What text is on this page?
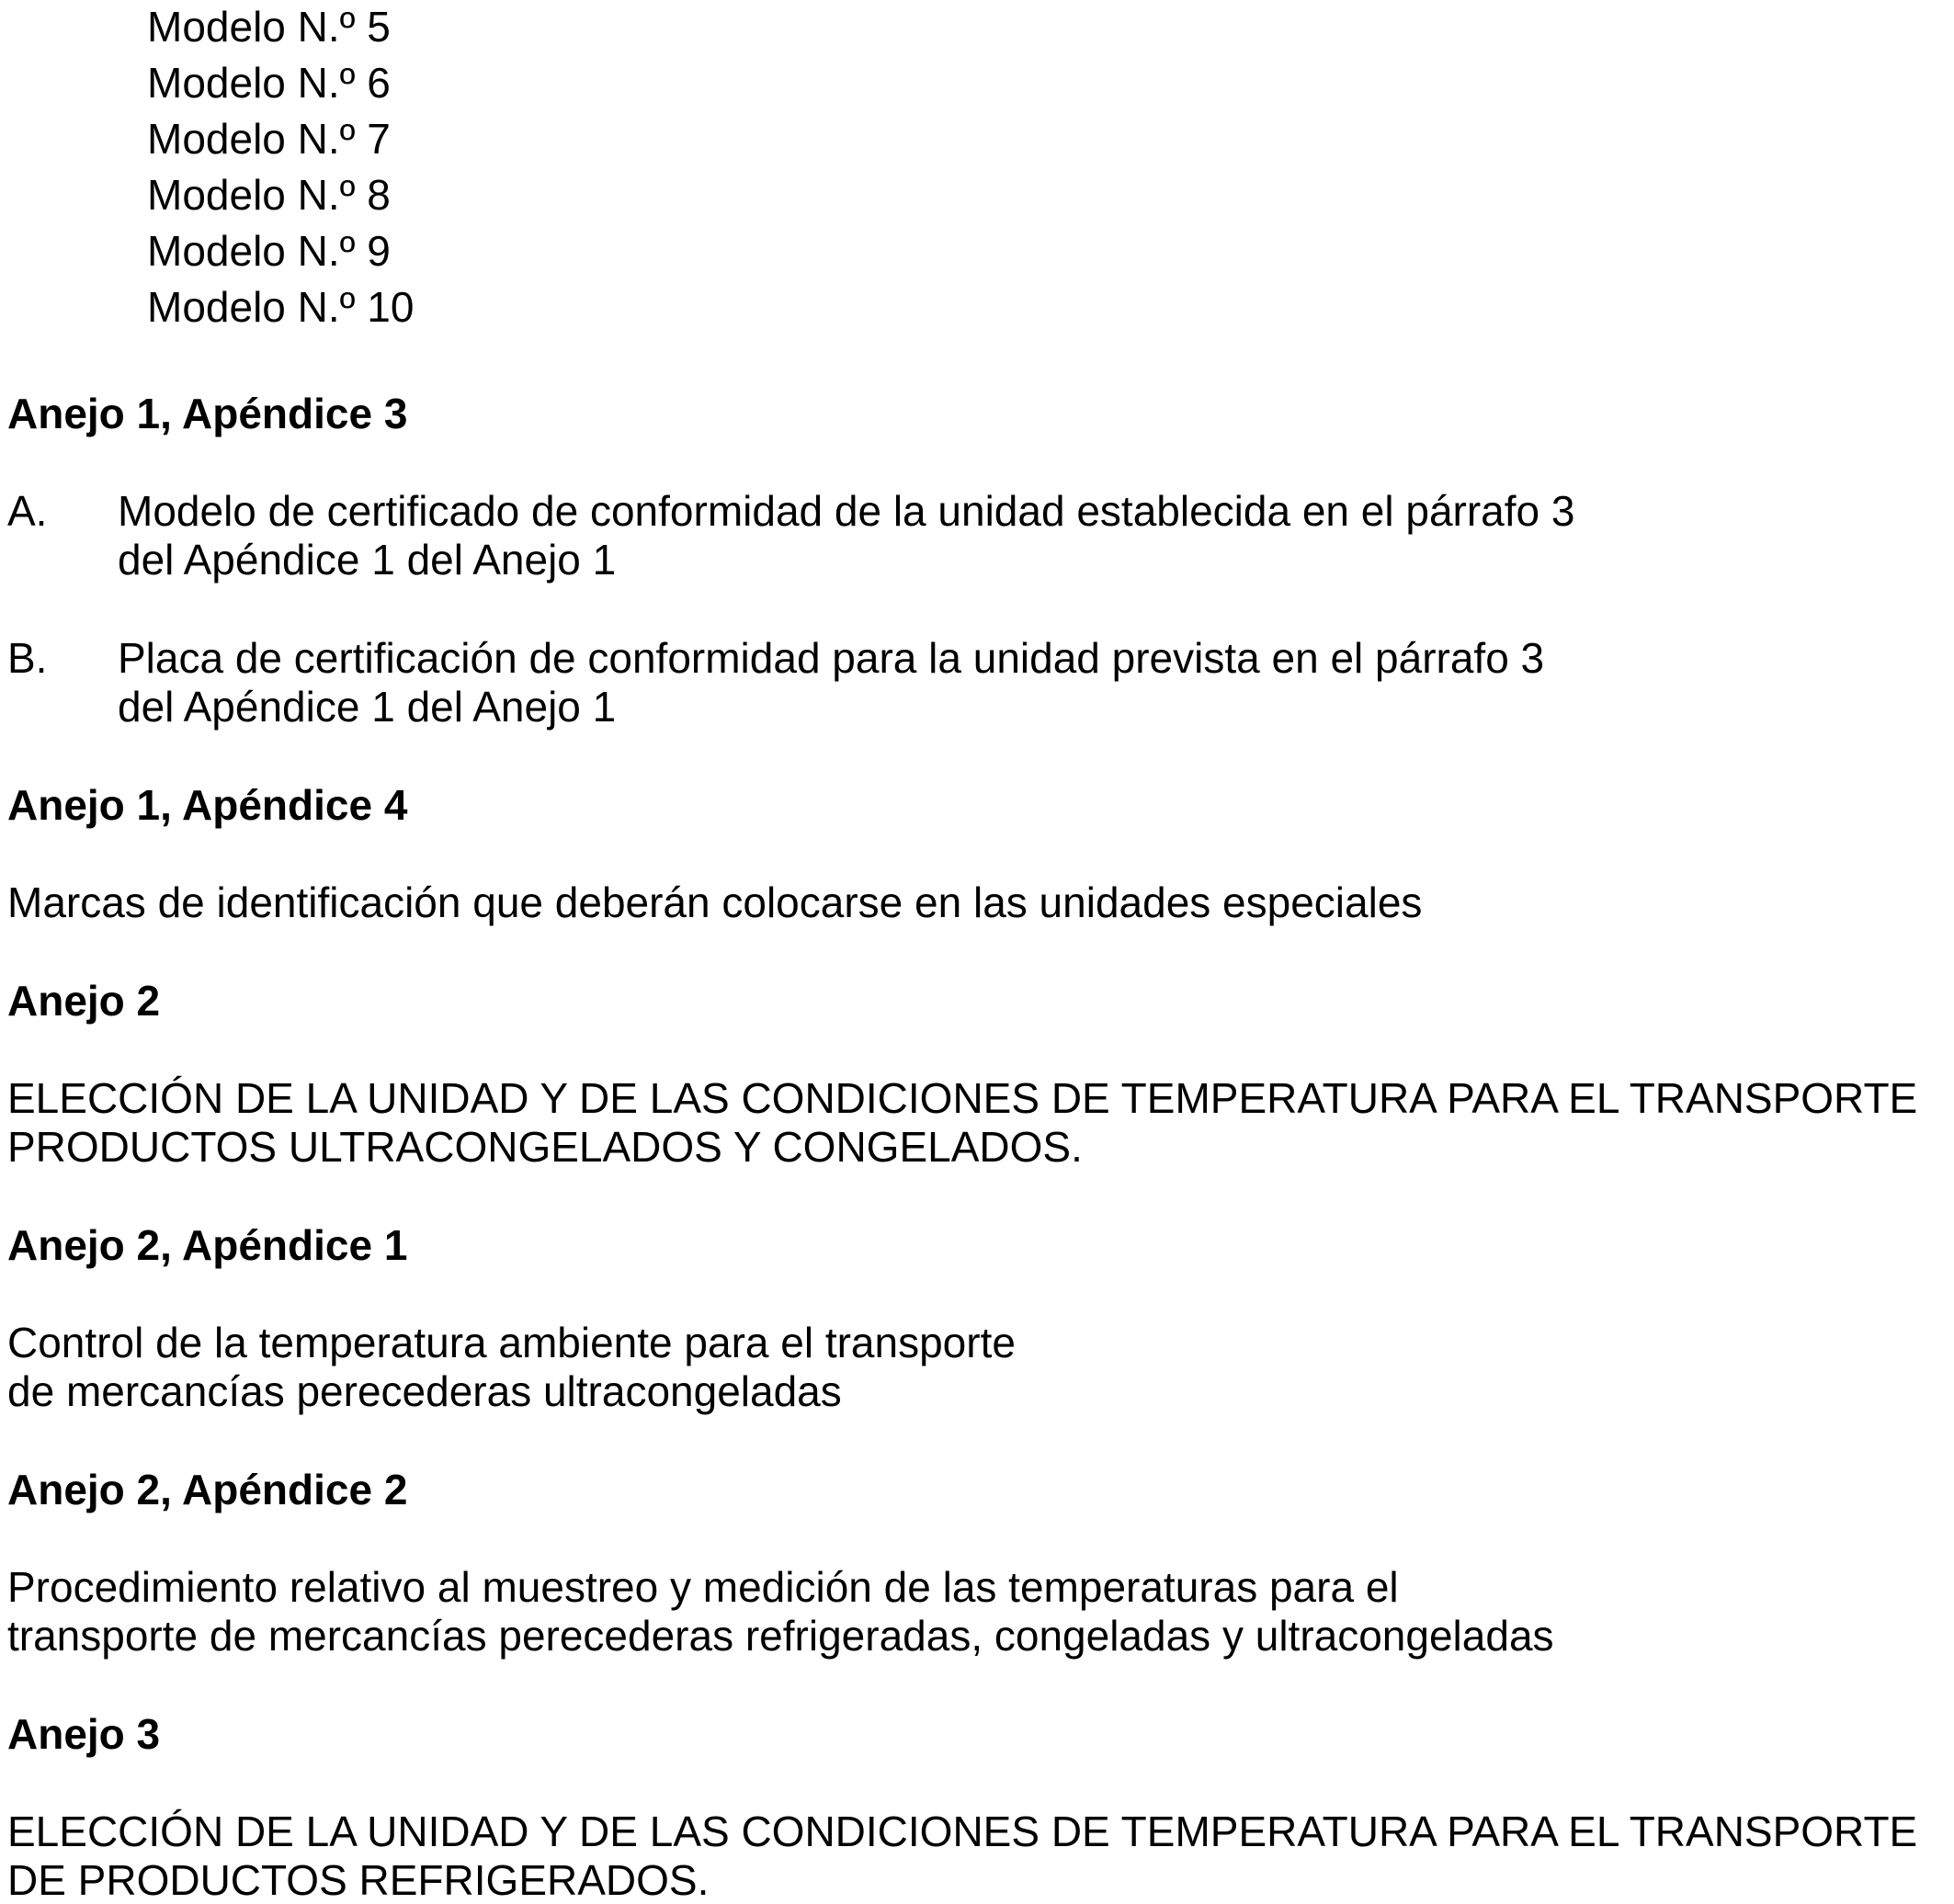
Modelo N.º 5
Modelo N.º 6
Modelo N.º 7
Modelo N.º 8
Modelo N.º 9
Modelo N.º 10
Anejo 1, Apéndice 3
A. Modelo de certificado de conformidad de la unidad establecida en el párrafo 3
del Apéndice 1 del Anejo 1
B. Placa de certificación de conformidad para la unidad prevista en el párrafo 3
del Apéndice 1 del Anejo 1
Anejo 1, Apéndice 4
Marcas de identificación que deberán colocarse en las unidades especiales
Anejo 2
ELECCIÓN DE LA UNIDAD Y DE LAS CONDICIONES DE TEMPERATURA PARA EL TRANSPORTE
PRODUCTOS ULTRACONGELADOS Y CONGELADOS.
Anejo 2, Apéndice 1
Control de la temperatura ambiente para el transporte
de mercancías perecederas ultracongeladas
Anejo 2, Apéndice 2
Procedimiento relativo al muestreo y medición de las temperaturas para el
transporte de mercancías perecederas refrigeradas, congeladas y ultracongeladas
Anejo 3
ELECCIÓN DE LA UNIDAD Y DE LAS CONDICIONES DE TEMPERATURA PARA EL TRANSPORTE
DE PRODUCTOS REFRIGERADOS.
